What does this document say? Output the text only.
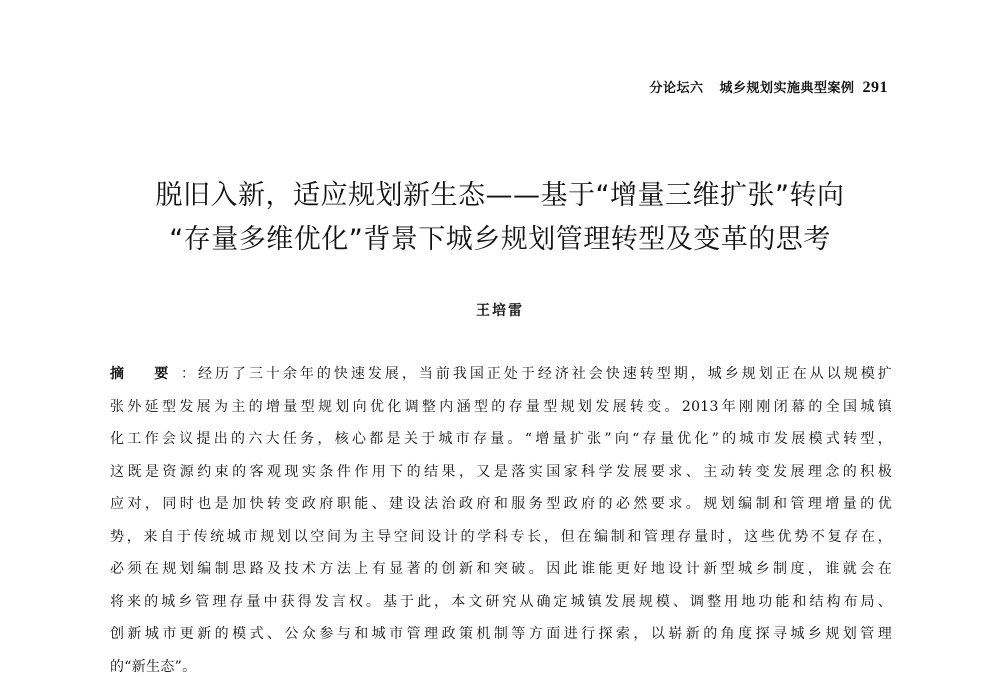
分论坛六 城乡规划实施典型案例 291
脱旧入新，适应规划新生态——基于“增量三维扩张”转向
“存量多维优化”背景下城乡规划管理转型及变革的思考
王培雷
摘 要：经历了三十余年的快速发展，当前我国正处于经济社会快速转型期，城乡规划正在从以规模扩
张外延型发展为主的增量型规划向优化调整内涵型的存量型规划发展转变。2013年刚刚闭幕的全国城镇
化工作会议提出的六大任务，核心都是关于城市存量。“增量扩张”向“存量优化”的城市发展模式转型，
这既是资源约束的客观现实条件作用下的结果，又是落实国家科学发展要求、主动转变发展理念的积极
应对，同时也是加快转变政府职能、建设法治政府和服务型政府的必然要求。规划编制和管理增量的优
势，来自于传统城市规划以空间为主导空间设计的学科专长，但在编制和管理存量时，这些优势不复存在，
必须在规划编制思路及技术方法上有显著的创新和突破。因此谁能更好地设计新型城乡制度，谁就会在
将来的城乡管理存量中获得发言权。基于此，本文研究从确定城镇发展规模、调整用地功能和结构布局、
创新城市更新的模式、公众参与和城市管理政策机制等方面进行探索，以崭新的角度探寻城乡规划管理
的“新生态”。
